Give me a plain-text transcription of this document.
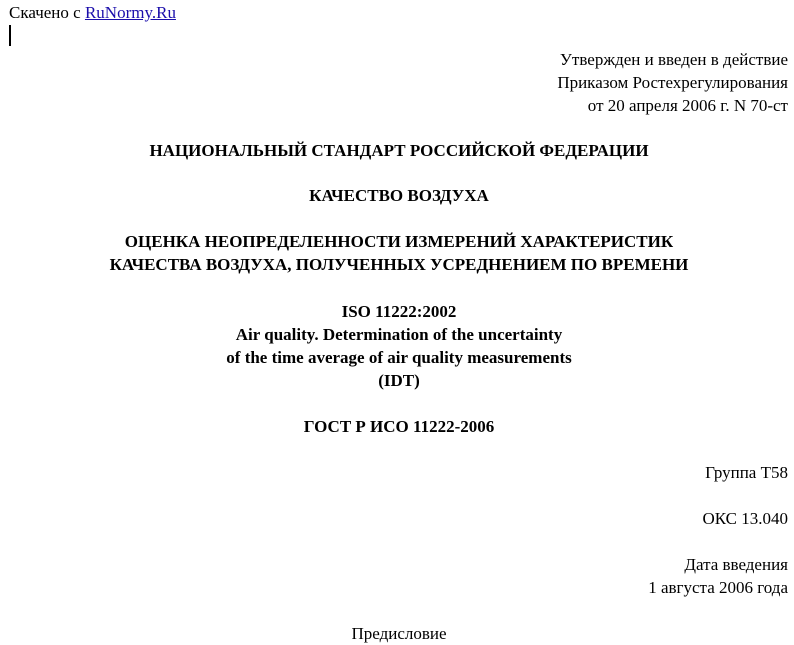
Скачено с RuNormy.Ru
Утвержден и введен в действие
Приказом Ростехрегулирования
от 20 апреля 2006 г. N 70-ст
НАЦИОНАЛЬНЫЙ СТАНДАРТ РОССИЙСКОЙ ФЕДЕРАЦИИ
КАЧЕСТВО ВОЗДУХА
ОЦЕНКА НЕОПРЕДЕЛЕННОСТИ ИЗМЕРЕНИЙ ХАРАКТЕРИСТИК
КАЧЕСТВА ВОЗДУХА, ПОЛУЧЕННЫХ УСРЕДНЕНИЕМ ПО ВРЕМЕНИ
ISO 11222:2002
Air quality. Determination of the uncertainty
of the time average of air quality measurements
(IDT)
ГОСТ Р ИСО 11222-2006
Группа Т58
ОКС 13.040
Дата введения
1 августа 2006 года
Предисловие
